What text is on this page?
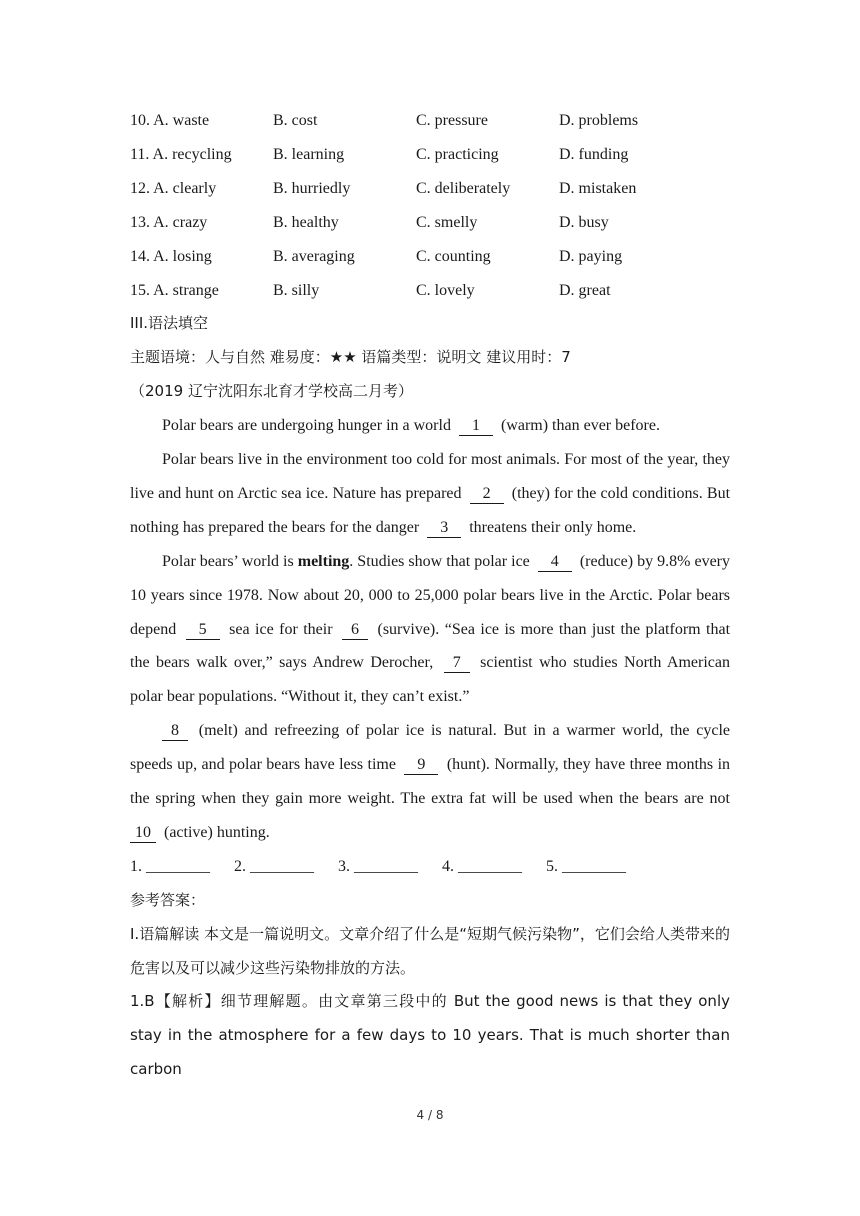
10. A. waste	B. cost	C. pressure	D. problems
11. A. recycling	B. learning	C. practicing	D. funding
12. A. clearly	B. hurriedly	C. deliberately	D. mistaken
13. A. crazy	B. healthy	C. smelly	D. busy
14. A. losing	B. averaging	C. counting	D. paying
15. A. strange	B. silly	C. lovely	D. great
III.语法填空
主题语境：人与自然 难易度：★★ 语篇类型：说明文 建议用时：7
（2019 辽宁沈阳东北育才学校高二月考）

Polar bears are undergoing hunger in a world 1 (warm) than ever before.

Polar bears live in the environment too cold for most animals. For most of the year, they live and hunt on Arctic sea ice. Nature has prepared 2 (they) for the cold conditions. But nothing has prepared the bears for the danger 3 threatens their only home.

Polar bears’ world is melting. Studies show that polar ice 4 (reduce) by 9.8% every 10 years since 1978. Now about 20, 000 to 25,000 polar bears live in the Arctic. Polar bears depend 5 sea ice for their 6 (survive). “Sea ice is more than just the platform that the bears walk over,” says Andrew Derocher, 7 scientist who studies North American polar bear populations. “Without it, they can’t exist.”

8 (melt) and refreezing of polar ice is natural. But in a warmer world, the cycle speeds up, and polar bears have less time 9 (hunt). Normally, they have three months in the spring when they gain more weight. The extra fat will be used when the bears are not 10 (active) hunting.

1. ________ 2. ________ 3. ________ 4. ________ 5. ________
参考答案：

I.语篇解读 本文是一篇说明文。文章介绍了什么是“短期气候污染物”，它们会给人类带来的危害以及可以减少这些污染物排放的方法。

1.B【解析】细节理解题。由文章第三段中的 But the good news is that they only stay in the atmosphere for a few days to 10 years. That is much shorter than carbon

4 / 8
